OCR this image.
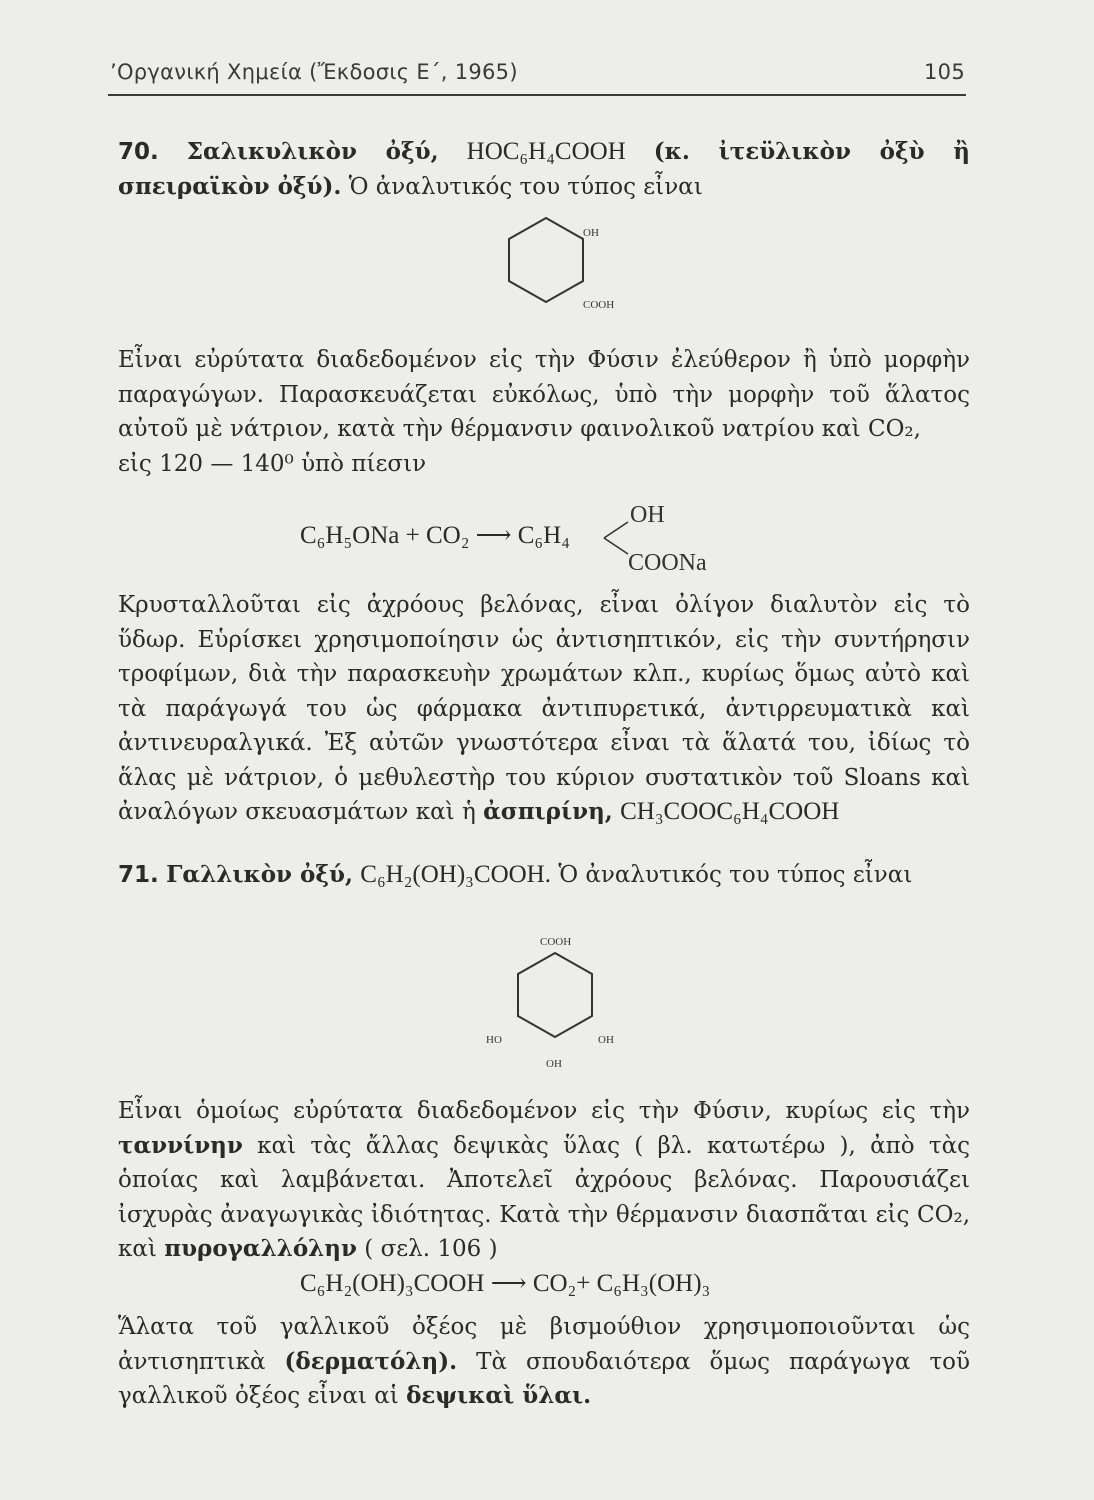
’Οργανική Χημεία (Ἔκδοσις Ε΄, 1965)	105

70. Σαλικυλικὸν ὀξύ, HOC₆H₄COOH (κ. ἰτεϋλικὸν ὀξὺ ἢ σπειραϊκὸν ὀξύ). Ὁ ἀναλυτικός του τύπος εἶναι

OH
COOH

Εἶναι εὐρύτατα διαδεδομένον εἰς τὴν Φύσιν ἐλεύθερον ἢ ὑπὸ μορφὴν παραγώγων. Παρασκευάζεται εὐκόλως, ὑπὸ τὴν μορφὴν τοῦ ἅλατος αὐτοῦ μὲ νάτριον, κατὰ τὴν θέρμανσιν φαινολικοῦ νατρίου καὶ CO₂,
εἰς 120 — 140⁰ ὑπὸ πίεσιν

C₆H₅ONa + CO₂ ⟶ C₆H₄
OH
COONa

Κρυσταλλοῦται εἰς ἀχρόους βελόνας, εἶναι ὀλίγον διαλυτὸν εἰς τὸ ὕδωρ. Εὑρίσκει χρησιμοποίησιν ὡς ἀντισηπτικόν, εἰς τὴν συντήρησιν τροφίμων, διὰ τὴν παρασκευὴν χρωμάτων κλπ., κυρίως ὅμως αὐτὸ καὶ τὰ παράγωγά του ὡς φάρμακα ἀντιπυρετικά, ἀντιρρευματικὰ καὶ ἀντινευραλγικά. Ἐξ αὐτῶν γνωστότερα εἶναι τὰ ἅλατά του, ἰδίως τὸ ἅλας μὲ νάτριον, ὁ μεθυλεστὴρ του κύριον συστατικὸν τοῦ Sloans καὶ ἀναλόγων σκευασμάτων καὶ ἡ ἀσπιρίνη, CH₃COOC₆H₄COOH

71. Γαλλικὸν ὀξύ, C₆H₂(OH)₃COOH. Ὁ ἀναλυτικός του τύπος εἶναι

COOH
HO	OH
OH

Εἶναι ὁμοίως εὐρύτατα διαδεδομένον εἰς τὴν Φύσιν, κυρίως εἰς τὴν ταννίνην καὶ τὰς ἄλλας δεψικὰς ὕλας ( βλ. κατωτέρω ), ἀπὸ τὰς ὁποίας καὶ λαμβάνεται. Ἀποτελεῖ ἀχρόους βελόνας. Παρουσιάζει ἰσχυρὰς ἀναγωγικὰς ἰδιότητας. Κατὰ τὴν θέρμανσιν διασπᾶται εἰς CO₂, καὶ πυρογαλλόλην ( σελ. 106 )

C₆H₂(OH)₃COOH ⟶ CO₂+ C₆H₃(OH)₃

Ἅλατα τοῦ γαλλικοῦ ὀξέος μὲ βισμούθιον χρησιμοποιοῦνται ὡς ἀντισηπτικὰ (δερματόλη). Τὰ σπουδαιότερα ὅμως παράγωγα τοῦ γαλλικοῦ ὀξέος εἶναι αἱ δεψικαὶ ὕλαι.
